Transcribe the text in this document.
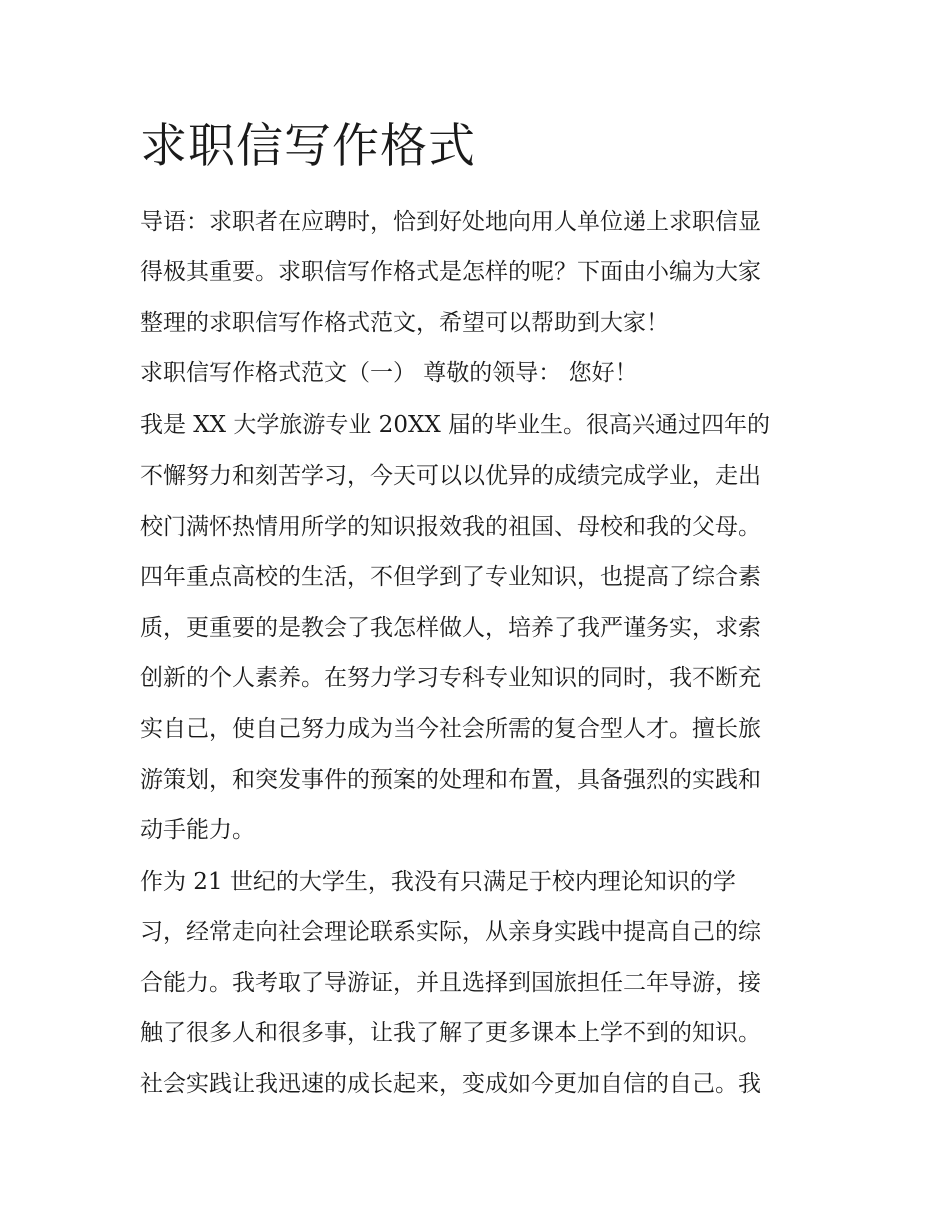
求职信写作格式

导语：求职者在应聘时，恰到好处地向用人单位递上求职信显

得极其重要。求职信写作格式是怎样的呢？下面由小编为大家

整理的求职信写作格式范文，希望可以帮助到大家！

求职信写作格式范文（一） 尊敬的领导： 您好！

我是 XX 大学旅游专业 20XX 届的毕业生。很高兴通过四年的

不懈努力和刻苦学习，今天可以以优异的成绩完成学业，走出

校门满怀热情用所学的知识报效我的祖国、母校和我的父母。

四年重点高校的生活，不但学到了专业知识，也提高了综合素

质，更重要的是教会了我怎样做人，培养了我严谨务实，求索

创新的个人素养。在努力学习专科专业知识的同时，我不断充

实自己，使自己努力成为当今社会所需的复合型人才。擅长旅

游策划，和突发事件的预案的处理和布置，具备强烈的实践和

动手能力。

作为 21 世纪的大学生，我没有只满足于校内理论知识的学

习，经常走向社会理论联系实际，从亲身实践中提高自己的综

合能力。我考取了导游证，并且选择到国旅担任二年导游，接

触了很多人和很多事，让我了解了更多课本上学不到的知识。

社会实践让我迅速的成长起来，变成如今更加自信的自己。我
